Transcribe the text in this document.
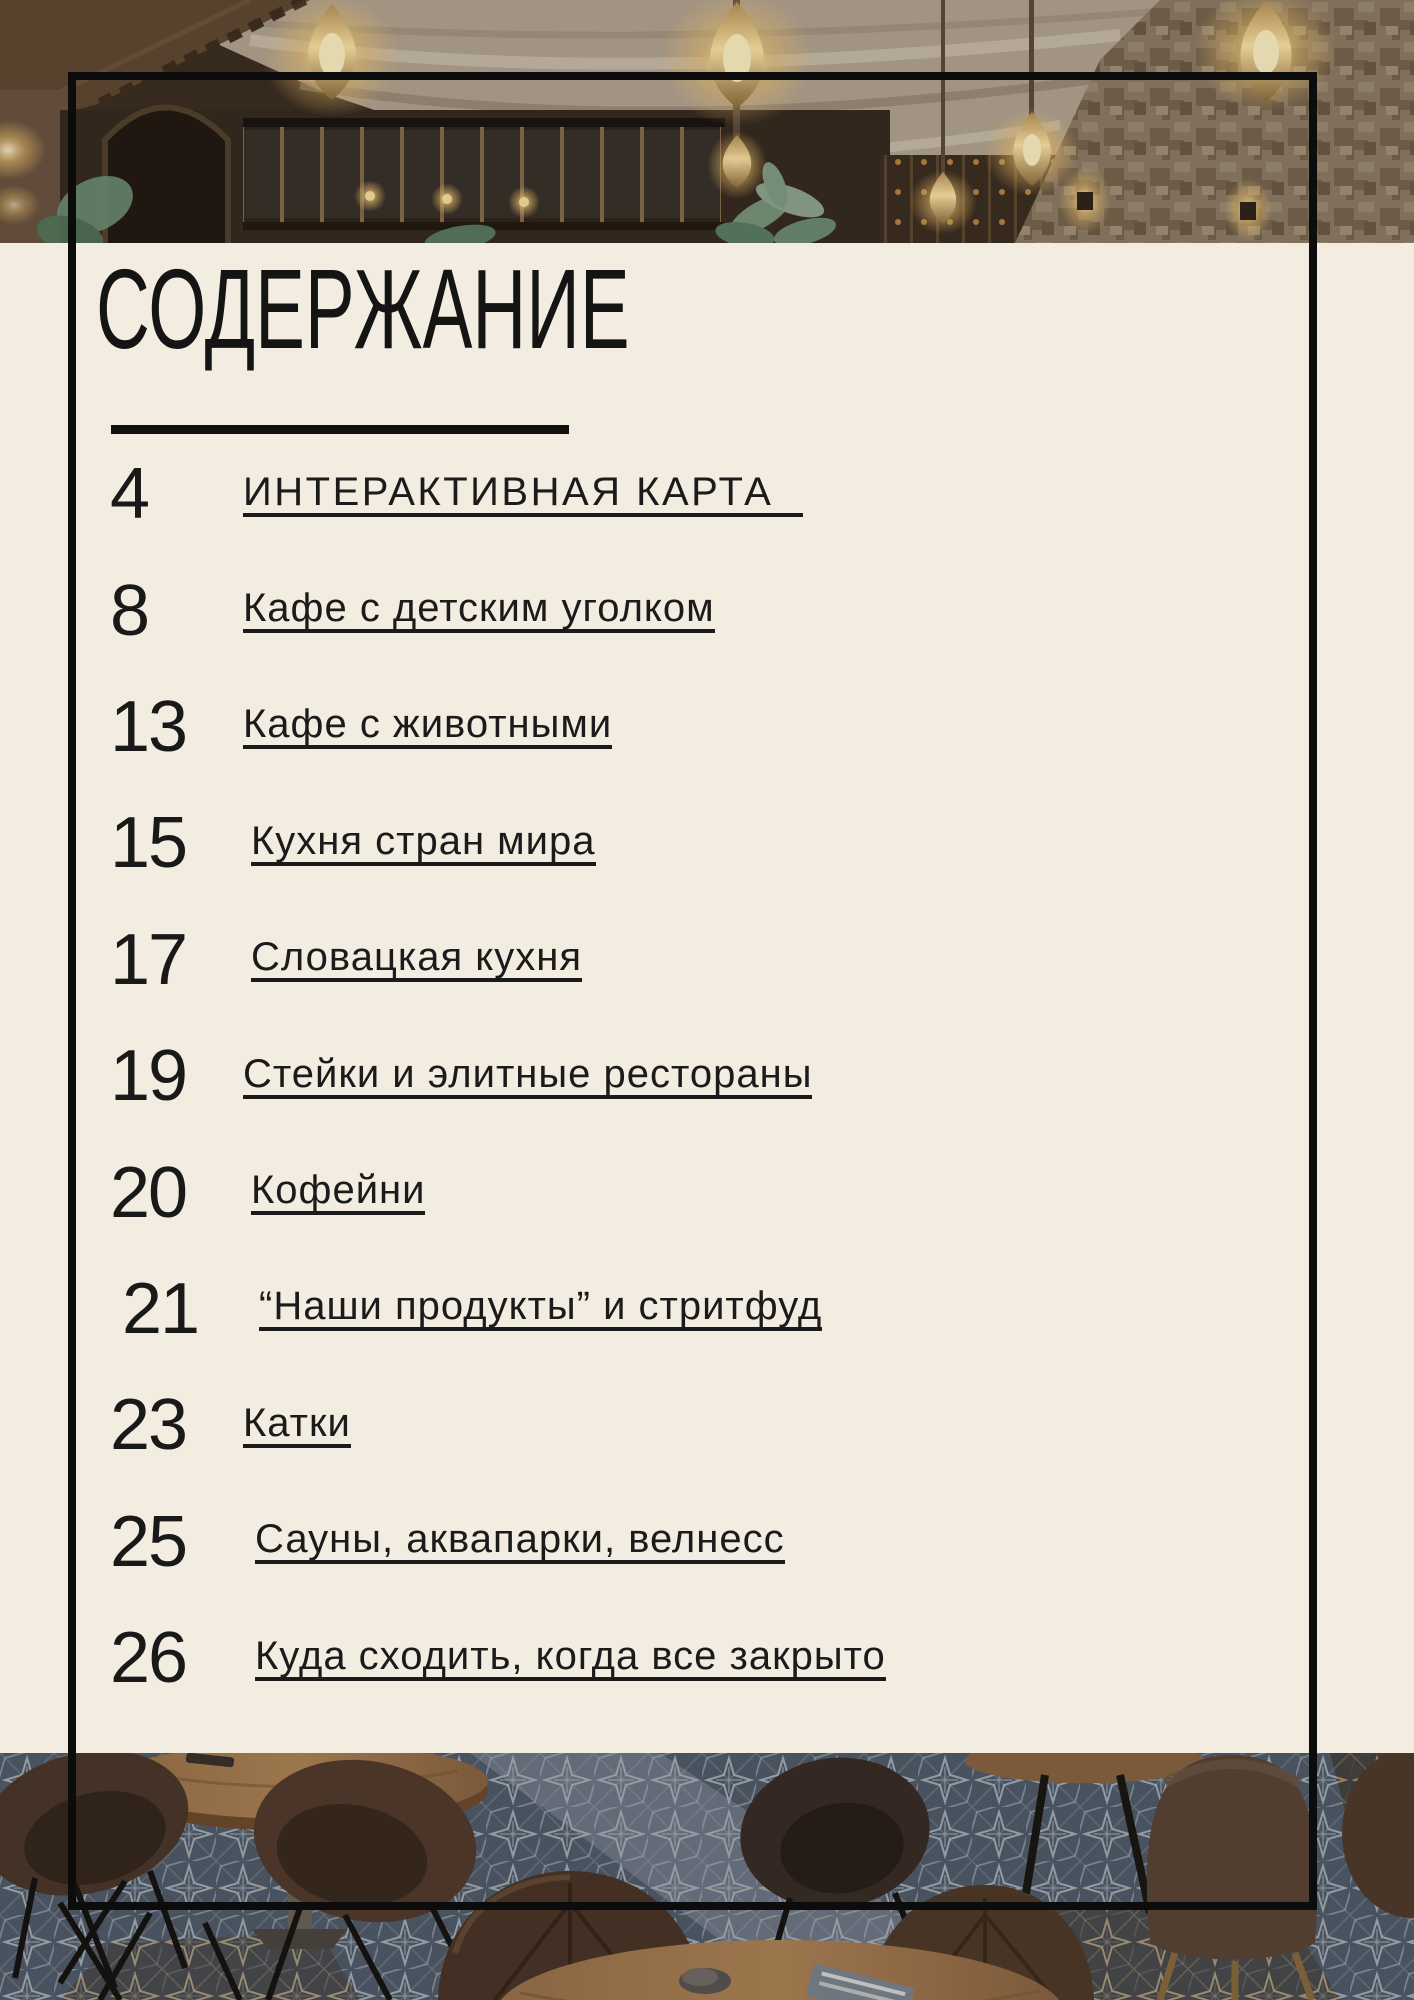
СОДЕРЖАНИЕ
4	ИНТЕРАКТИВНАЯ КАРТА
8	Кафе с детским уголком
13	Кафе с животными
15	Кухня стран мира
17	Словацкая кухня
19	Стейки и элитные рестораны
20	Кофейни
21	“Наши продукты” и стритфуд
23	Катки
25	Сауны, аквапарки, велнесс
26	Куда сходить, когда все закрыто
